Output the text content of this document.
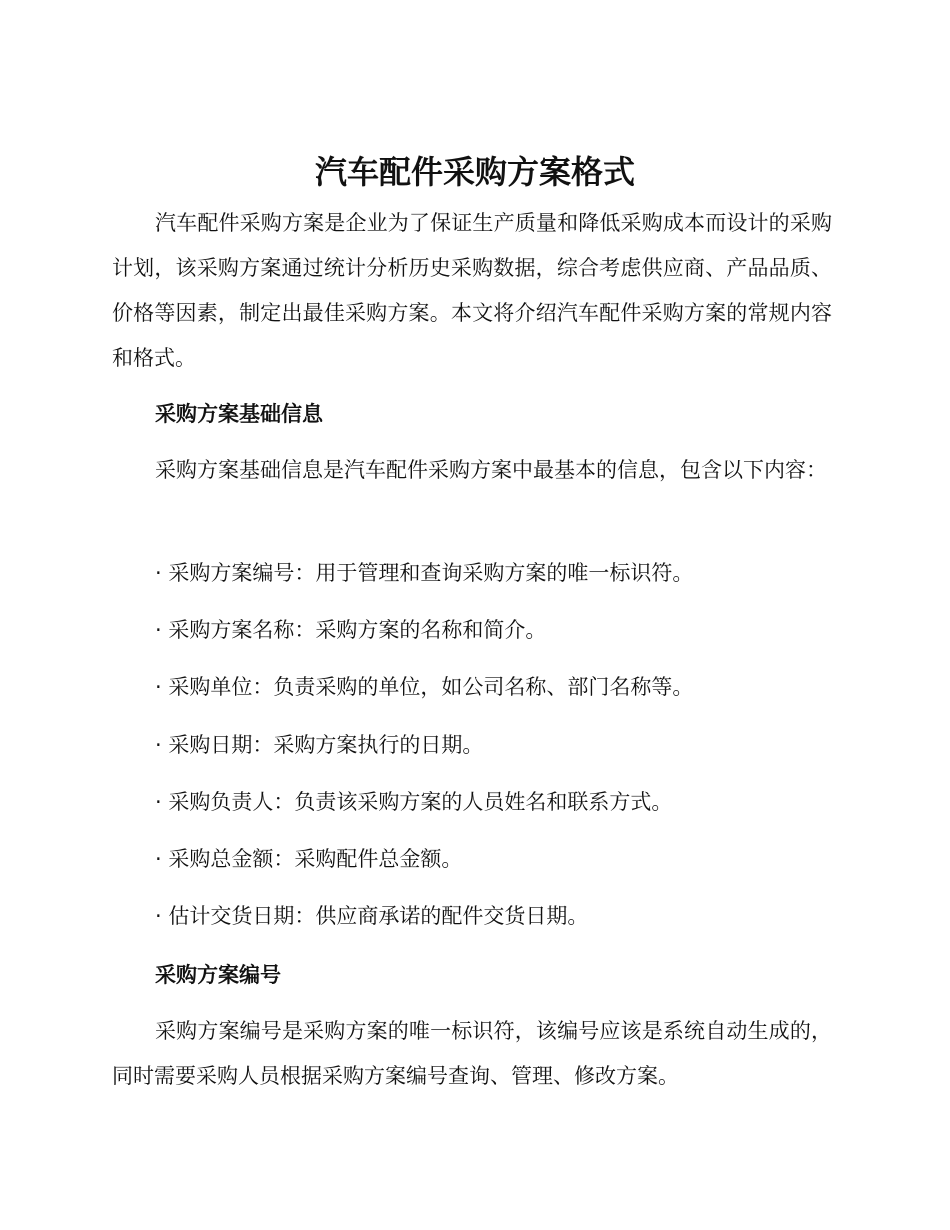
汽车配件采购方案格式

汽车配件采购方案是企业为了保证生产质量和降低采购成本而设计的采购计划，该采购方案通过统计分析历史采购数据，综合考虑供应商、产品品质、价格等因素，制定出最佳采购方案。本文将介绍汽车配件采购方案的常规内容和格式。

采购方案基础信息

采购方案基础信息是汽车配件采购方案中最基本的信息，包含以下内容：

· 采购方案编号：用于管理和查询采购方案的唯一标识符。
· 采购方案名称：采购方案的名称和简介。
· 采购单位：负责采购的单位，如公司名称、部门名称等。
· 采购日期：采购方案执行的日期。
· 采购负责人：负责该采购方案的人员姓名和联系方式。
· 采购总金额：采购配件总金额。
· 估计交货日期：供应商承诺的配件交货日期。
采购方案编号

采购方案编号是采购方案的唯一标识符，该编号应该是系统自动生成的，同时需要采购人员根据采购方案编号查询、管理、修改方案。
